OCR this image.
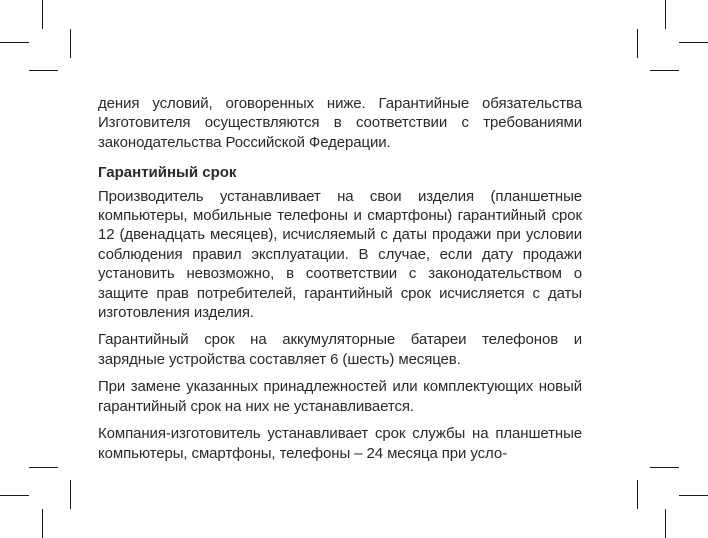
дения условий, оговоренных ниже. Гарантийные обязательства Изготовителя осуществляются в соответствии с требованиями законодательства Российской Федерации.

Гарантийный срок

Производитель устанавливает на свои изделия (планшетные компьютеры, мобильные телефоны и смартфоны) гарантийный срок 12 (двенадцать месяцев), исчисляемый с даты продажи при условии соблюдения правил эксплуатации. В случае, если дату продажи установить невозможно, в соответствии с законодательством о защите прав потребителей, гарантийный срок исчисляется с даты изготовления изделия.

Гарантийный срок на аккумуляторные батареи телефонов и зарядные устройства составляет 6 (шесть) месяцев.

При замене указанных принадлежностей или комплектующих новый гарантийный срок на них не устанавливается.

Компания-изготовитель устанавливает срок службы на планшетные компьютеры, смартфоны, телефоны – 24 месяца при усло-
